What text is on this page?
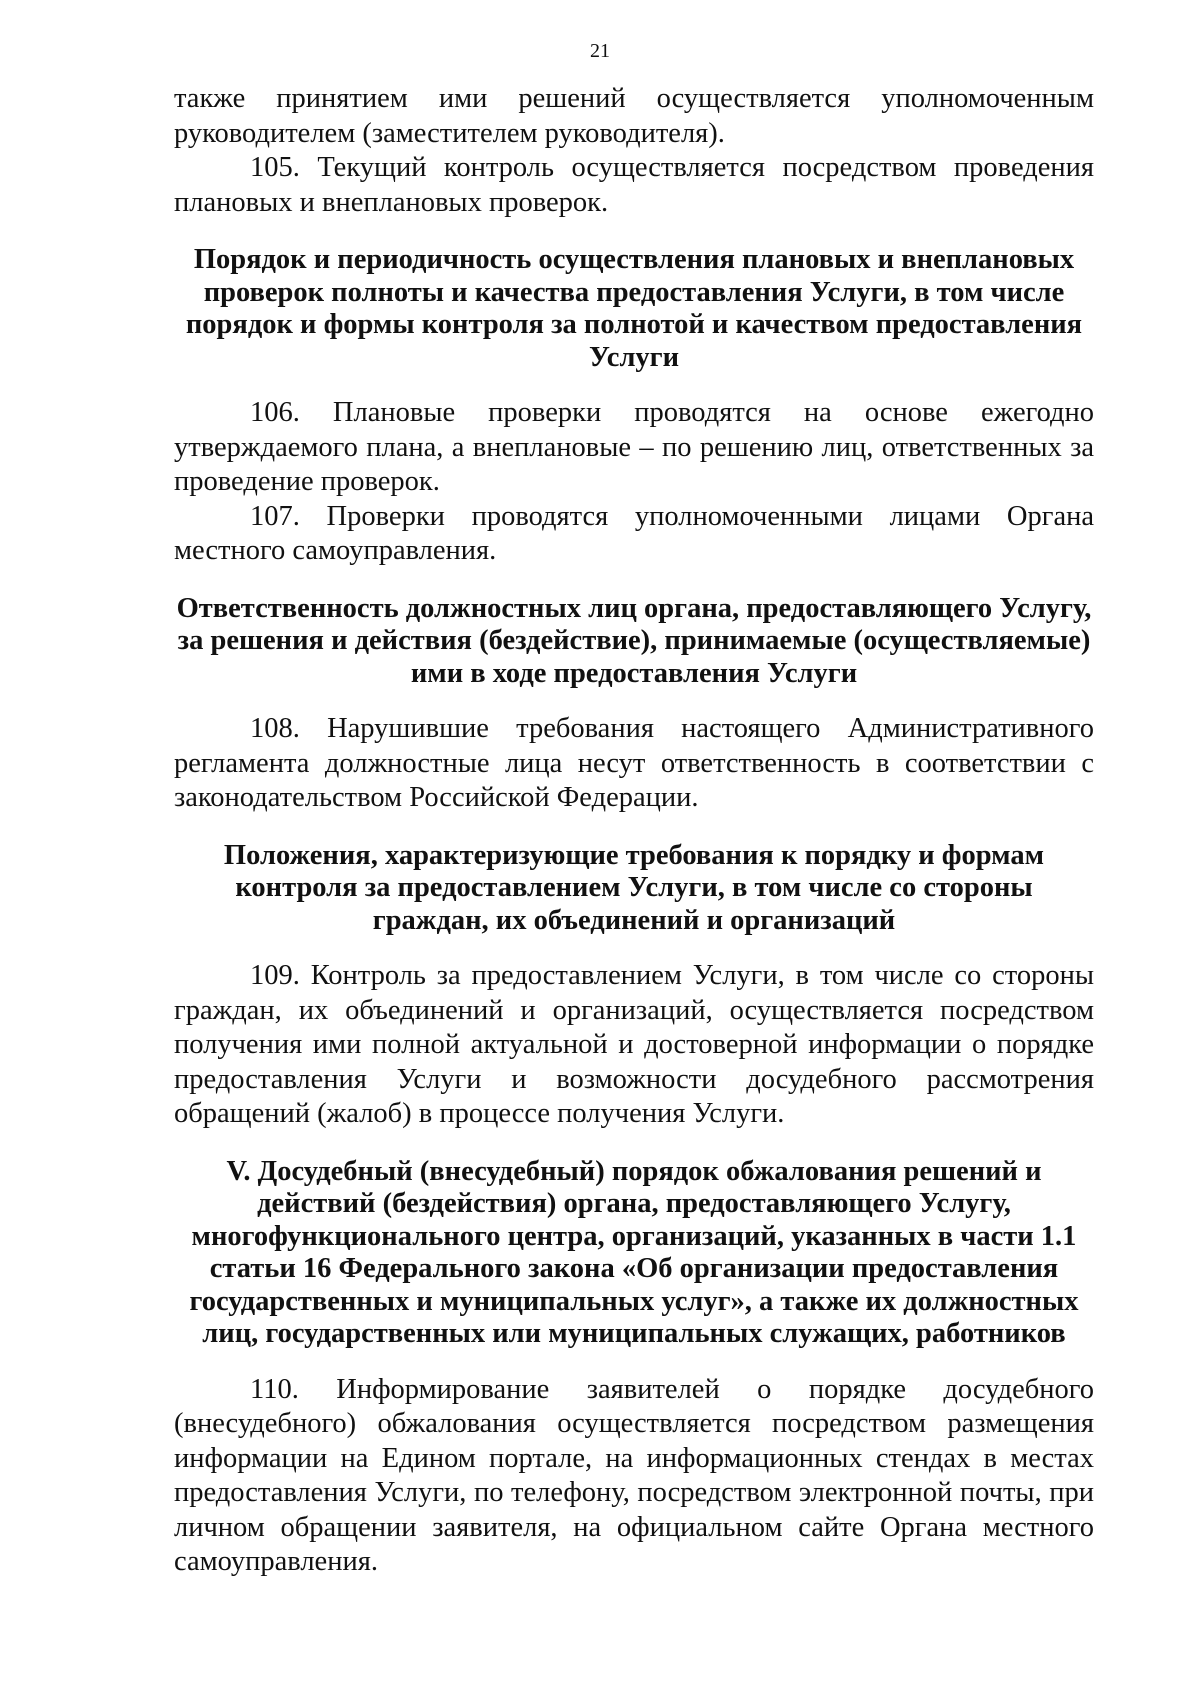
21

также принятием ими решений осуществляется уполномоченным руководителем (заместителем руководителя).

105. Текущий контроль осуществляется посредством проведения плановых и внеплановых проверок.

Порядок и периодичность осуществления плановых и внеплановых проверок полноты и качества предоставления Услуги, в том числе порядок и формы контроля за полнотой и качеством предоставления Услуги

106. Плановые проверки проводятся на основе ежегодно утверждаемого плана, а внеплановые – по решению лиц, ответственных за проведение проверок.

107. Проверки проводятся уполномоченными лицами Органа местного самоуправления.

Ответственность должностных лиц органа, предоставляющего Услугу, за решения и действия (бездействие), принимаемые (осуществляемые) ими в ходе предоставления Услуги

108. Нарушившие требования настоящего Административного регламента должностные лица несут ответственность в соответствии с законодательством Российской Федерации.

Положения, характеризующие требования к порядку и формам контроля за предоставлением Услуги, в том числе со стороны граждан, их объединений и организаций

109. Контроль за предоставлением Услуги, в том числе со стороны граждан, их объединений и организаций, осуществляется посредством получения ими полной актуальной и достоверной информации о порядке предоставления Услуги и возможности досудебного рассмотрения обращений (жалоб) в процессе получения Услуги.

V. Досудебный (внесудебный) порядок обжалования решений и действий (бездействия) органа, предоставляющего Услугу, многофункционального центра, организаций, указанных в части 1.1 статьи 16 Федерального закона «Об организации предоставления государственных и муниципальных услуг», а также их должностных лиц, государственных или муниципальных служащих, работников

110. Информирование заявителей о порядке досудебного (внесудебного) обжалования осуществляется посредством размещения информации на Едином портале, на информационных стендах в местах предоставления Услуги, по телефону, посредством электронной почты, при личном обращении заявителя, на официальном сайте Органа местного самоуправления.
